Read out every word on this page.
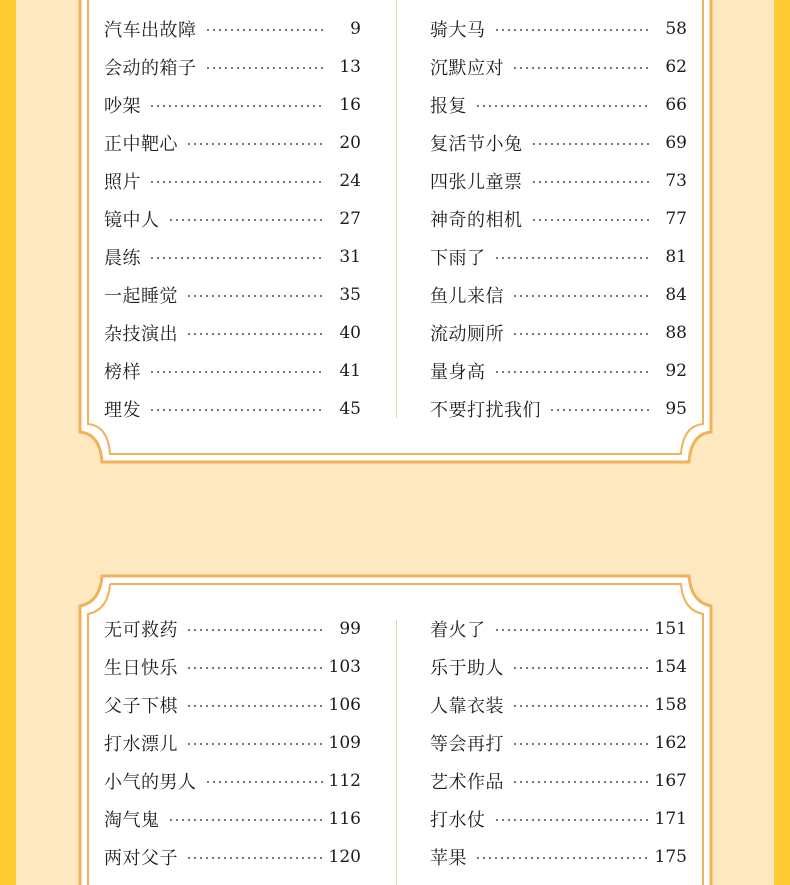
汽车出故障	9
会动的箱子	13
吵架	16
正中靶心	20
照片	24
镜中人	27
晨练	31
一起睡觉	35
杂技演出	40
榜样	41
理发	45
骑大马	58
沉默应对	62
报复	66
复活节小兔	69
四张儿童票	73
神奇的相机	77
下雨了	81
鱼儿来信	84
流动厕所	88
量身高	92
不要打扰我们	95
无可救药	99
生日快乐	103
父子下棋	106
打水漂儿	109
小气的男人	112
淘气鬼	116
两对父子	120
着火了	151
乐于助人	154
人靠衣装	158
等会再打	162
艺术作品	167
打水仗	171
苹果	175
